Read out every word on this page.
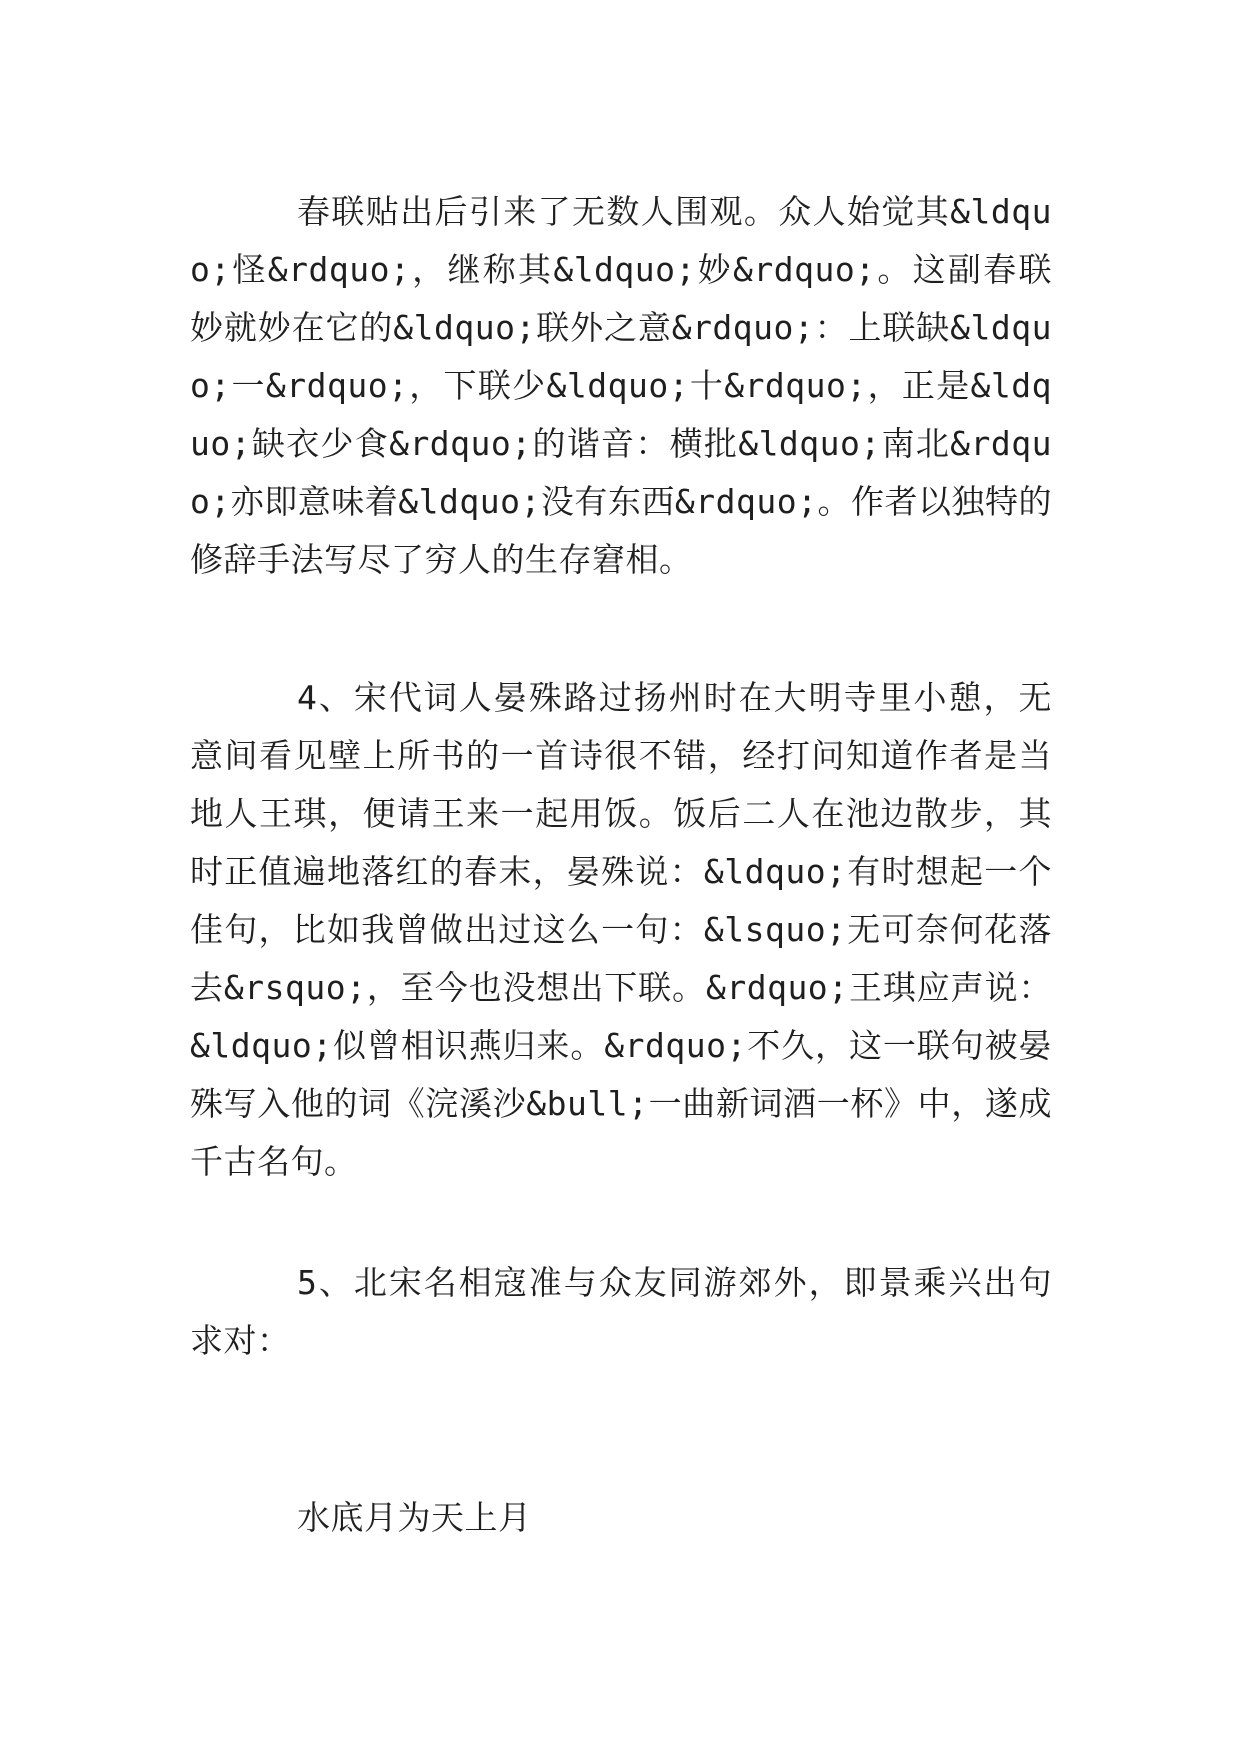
春联贴出后引来了无数人围观。众人始觉其&ldquo;怪&rdquo;，继称其&ldquo;妙&rdquo;。这副春联妙就妙在它的&ldquo;联外之意&rdquo;：上联缺&ldquo;一&rdquo;，下联少&ldquo;十&rdquo;，正是&ldquo;缺衣少食&rdquo;的谐音：横批&ldquo;南北&rdquo;亦即意味着&ldquo;没有东西&rdquo;。作者以独特的修辞手法写尽了穷人的生存窘相。

4、宋代词人晏殊路过扬州时在大明寺里小憩，无意间看见壁上所书的一首诗很不错，经打问知道作者是当地人王琪，便请王来一起用饭。饭后二人在池边散步，其时正值遍地落红的春末，晏殊说：&ldquo;有时想起一个佳句，比如我曾做出过这么一句：&lsquo;无可奈何花落去&rsquo;，至今也没想出下联。&rdquo;王琪应声说：&ldquo;似曾相识燕归来。&rdquo;不久，这一联句被晏殊写入他的词《浣溪沙&bull;一曲新词酒一杯》中，遂成千古名句。

5、北宋名相寇准与众友同游郊外，即景乘兴出句求对：

水底月为天上月
